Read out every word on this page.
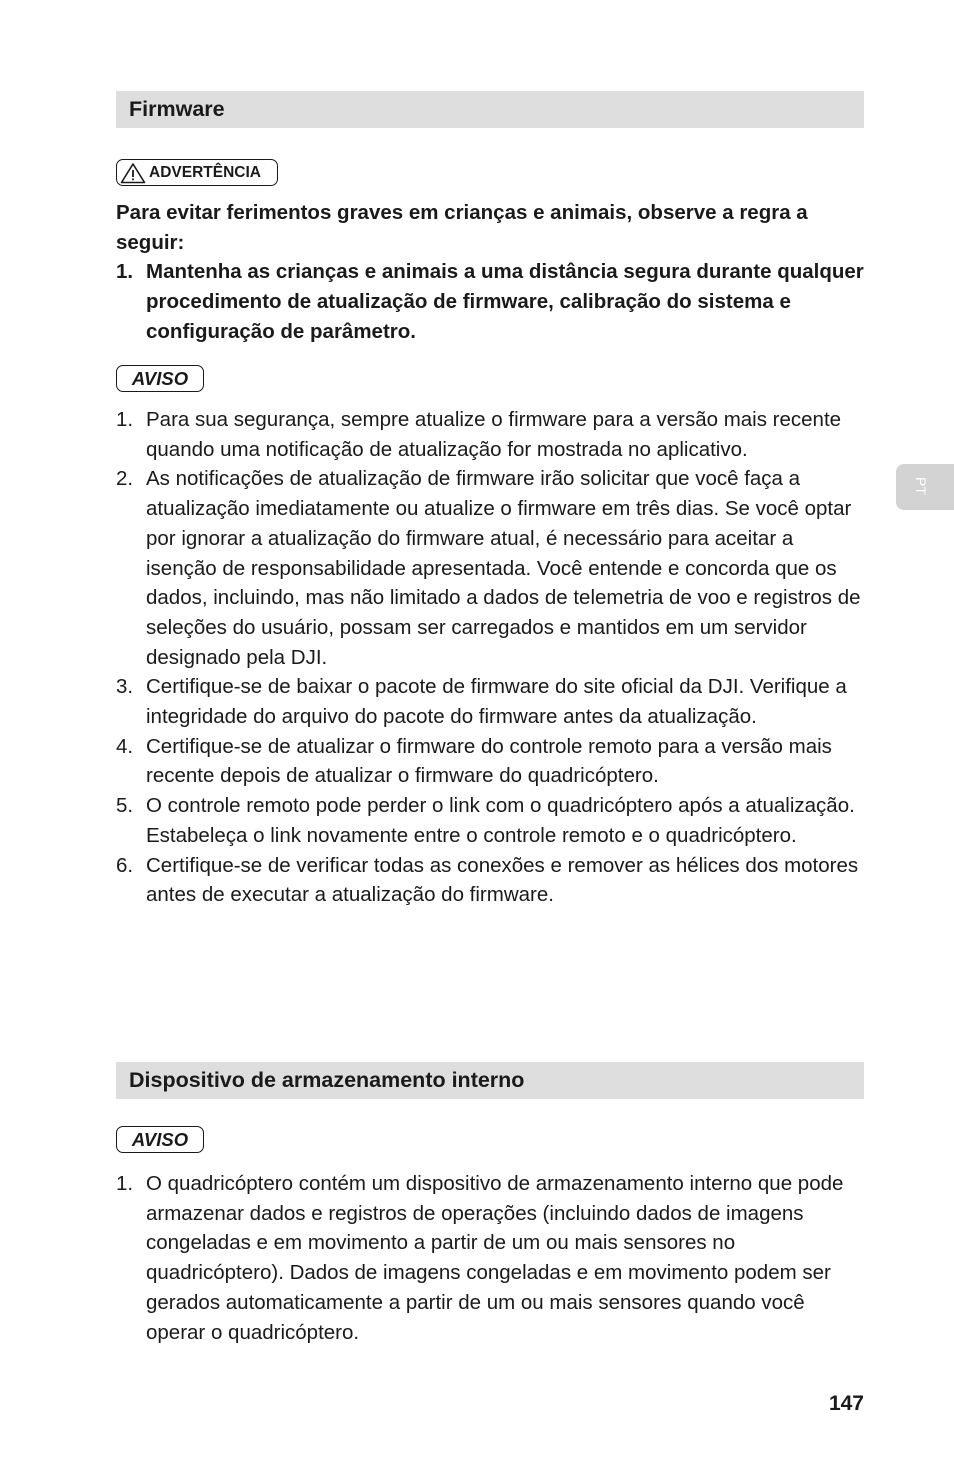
Firmware
ADVERTÊNCIA
Para evitar ferimentos graves em crianças e animais, observe a regra a seguir:
1. Mantenha as crianças e animais a uma distância segura durante qualquer procedimento de atualização de firmware, calibração do sistema e configuração de parâmetro.
AVISO
1. Para sua segurança, sempre atualize o firmware para a versão mais recente quando uma notificação de atualização for mostrada no aplicativo.
2. As notificações de atualização de firmware irão solicitar que você faça a atualização imediatamente ou atualize o firmware em três dias. Se você optar por ignorar a atualização do firmware atual, é necessário para aceitar a isenção de responsabilidade apresentada. Você entende e concorda que os dados, incluindo, mas não limitado a dados de telemetria de voo e registros de seleções do usuário, possam ser carregados e mantidos em um servidor designado pela DJI.
3. Certifique-se de baixar o pacote de firmware do site oficial da DJI. Verifique a integridade do arquivo do pacote do firmware antes da atualização.
4. Certifique-se de atualizar o firmware do controle remoto para a versão mais recente depois de atualizar o firmware do quadricóptero.
5. O controle remoto pode perder o link com o quadricóptero após a atualização. Estabeleça o link novamente entre o controle remoto e o quadricóptero.
6. Certifique-se de verificar todas as conexões e remover as hélices dos motores antes de executar a atualização do firmware.
Dispositivo de armazenamento interno
AVISO
1. O quadricóptero contém um dispositivo de armazenamento interno que pode armazenar dados e registros de operações (incluindo dados de imagens congeladas e em movimento a partir de um ou mais sensores no quadricóptero). Dados de imagens congeladas e em movimento podem ser gerados automaticamente a partir de um ou mais sensores quando você operar o quadricóptero.
PT
147
